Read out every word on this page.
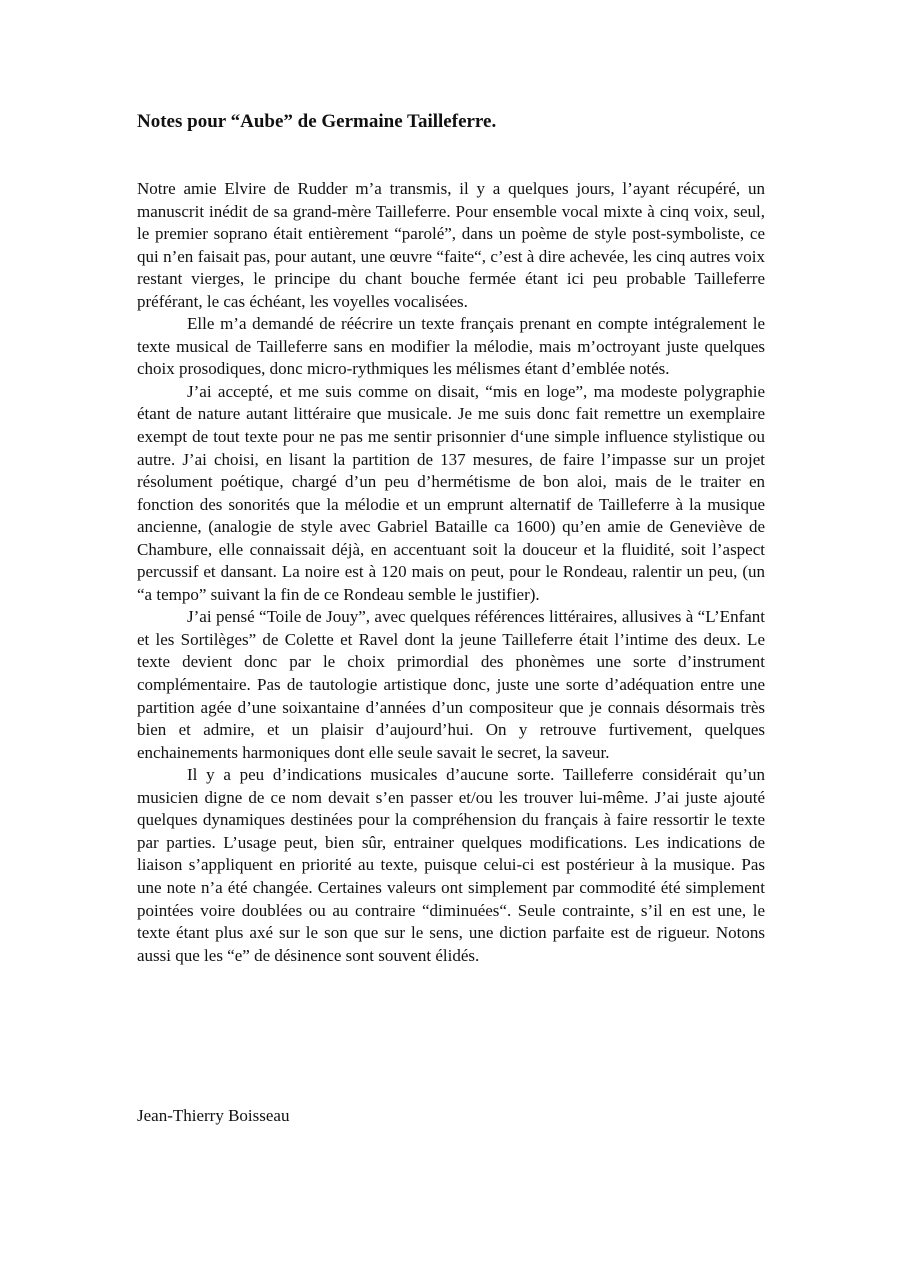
Notes pour “Aube” de Germaine Tailleferre.

Notre amie Elvire de Rudder m’a transmis, il y a quelques jours, l’ayant récupéré, un manuscrit inédit de sa grand-mère Tailleferre. Pour ensemble vocal mixte à cinq voix, seul, le premier soprano était entièrement “parolé”, dans un poème de style post-symboliste, ce qui n’en faisait pas, pour autant, une œuvre “faite“, c’est à dire achevée, les cinq autres voix restant vierges, le principe du chant bouche fermée étant ici peu probable Tailleferre préférant, le cas échéant, les voyelles vocalisées.

Elle m’a demandé de réécrire un texte français prenant en compte intégralement le texte musical de Tailleferre sans en modifier la mélodie, mais m’octroyant juste quelques choix prosodiques, donc micro-rythmiques les mélismes étant d’emblée notés.

J’ai accepté, et me suis comme on disait, “mis en loge”, ma modeste polygraphie étant de nature autant littéraire que musicale. Je me suis donc fait remettre un exemplaire exempt de tout texte pour ne pas me sentir prisonnier d‘une simple influence stylistique ou autre. J’ai choisi, en lisant la partition de 137 mesures, de faire l’impasse sur un projet résolument poétique, chargé d’un peu d’hermétisme de bon aloi, mais de le traiter en fonction des sonorités que la mélodie et un emprunt alternatif de Tailleferre à la musique ancienne, (analogie de style avec Gabriel Bataille ca 1600) qu’en amie de Geneviève de Chambure, elle connaissait déjà, en accentuant soit la douceur et la fluidité, soit l’aspect percussif et dansant. La noire est à 120 mais on peut, pour le Rondeau, ralentir un peu, (un “a tempo” suivant la fin de ce Rondeau semble le justifier).

J’ai pensé “Toile de Jouy”, avec quelques références littéraires, allusives à “L’Enfant et les Sortilèges” de Colette et Ravel dont la jeune Tailleferre était l’intime des deux. Le texte devient donc par le choix primordial des phonèmes une sorte d’instrument complémentaire. Pas de tautologie artistique donc, juste une sorte d’adéquation entre une partition agée d’une soixantaine d’années d’un compositeur que je connais désormais très bien et admire, et un plaisir d’aujourd’hui. On y retrouve furtivement, quelques enchainements harmoniques dont elle seule savait le secret, la saveur.

Il y a peu d’indications musicales d’aucune sorte. Tailleferre considérait qu’un musicien digne de ce nom devait s’en passer et/ou les trouver lui-même. J’ai juste ajouté quelques dynamiques destinées pour la compréhension du français à faire ressortir le texte par parties. L’usage peut, bien sûr, entrainer quelques modifications. Les indications de liaison s’appliquent en priorité au texte, puisque celui-ci est postérieur à la musique. Pas une note n’a été changée. Certaines valeurs ont simplement par commodité été simplement pointées voire doublées ou au contraire “diminuées“. Seule contrainte, s’il en est une, le texte étant plus axé sur le son que sur le sens, une diction parfaite est de rigueur. Notons aussi que les “e” de désinence sont souvent élidés.

Jean-Thierry Boisseau
